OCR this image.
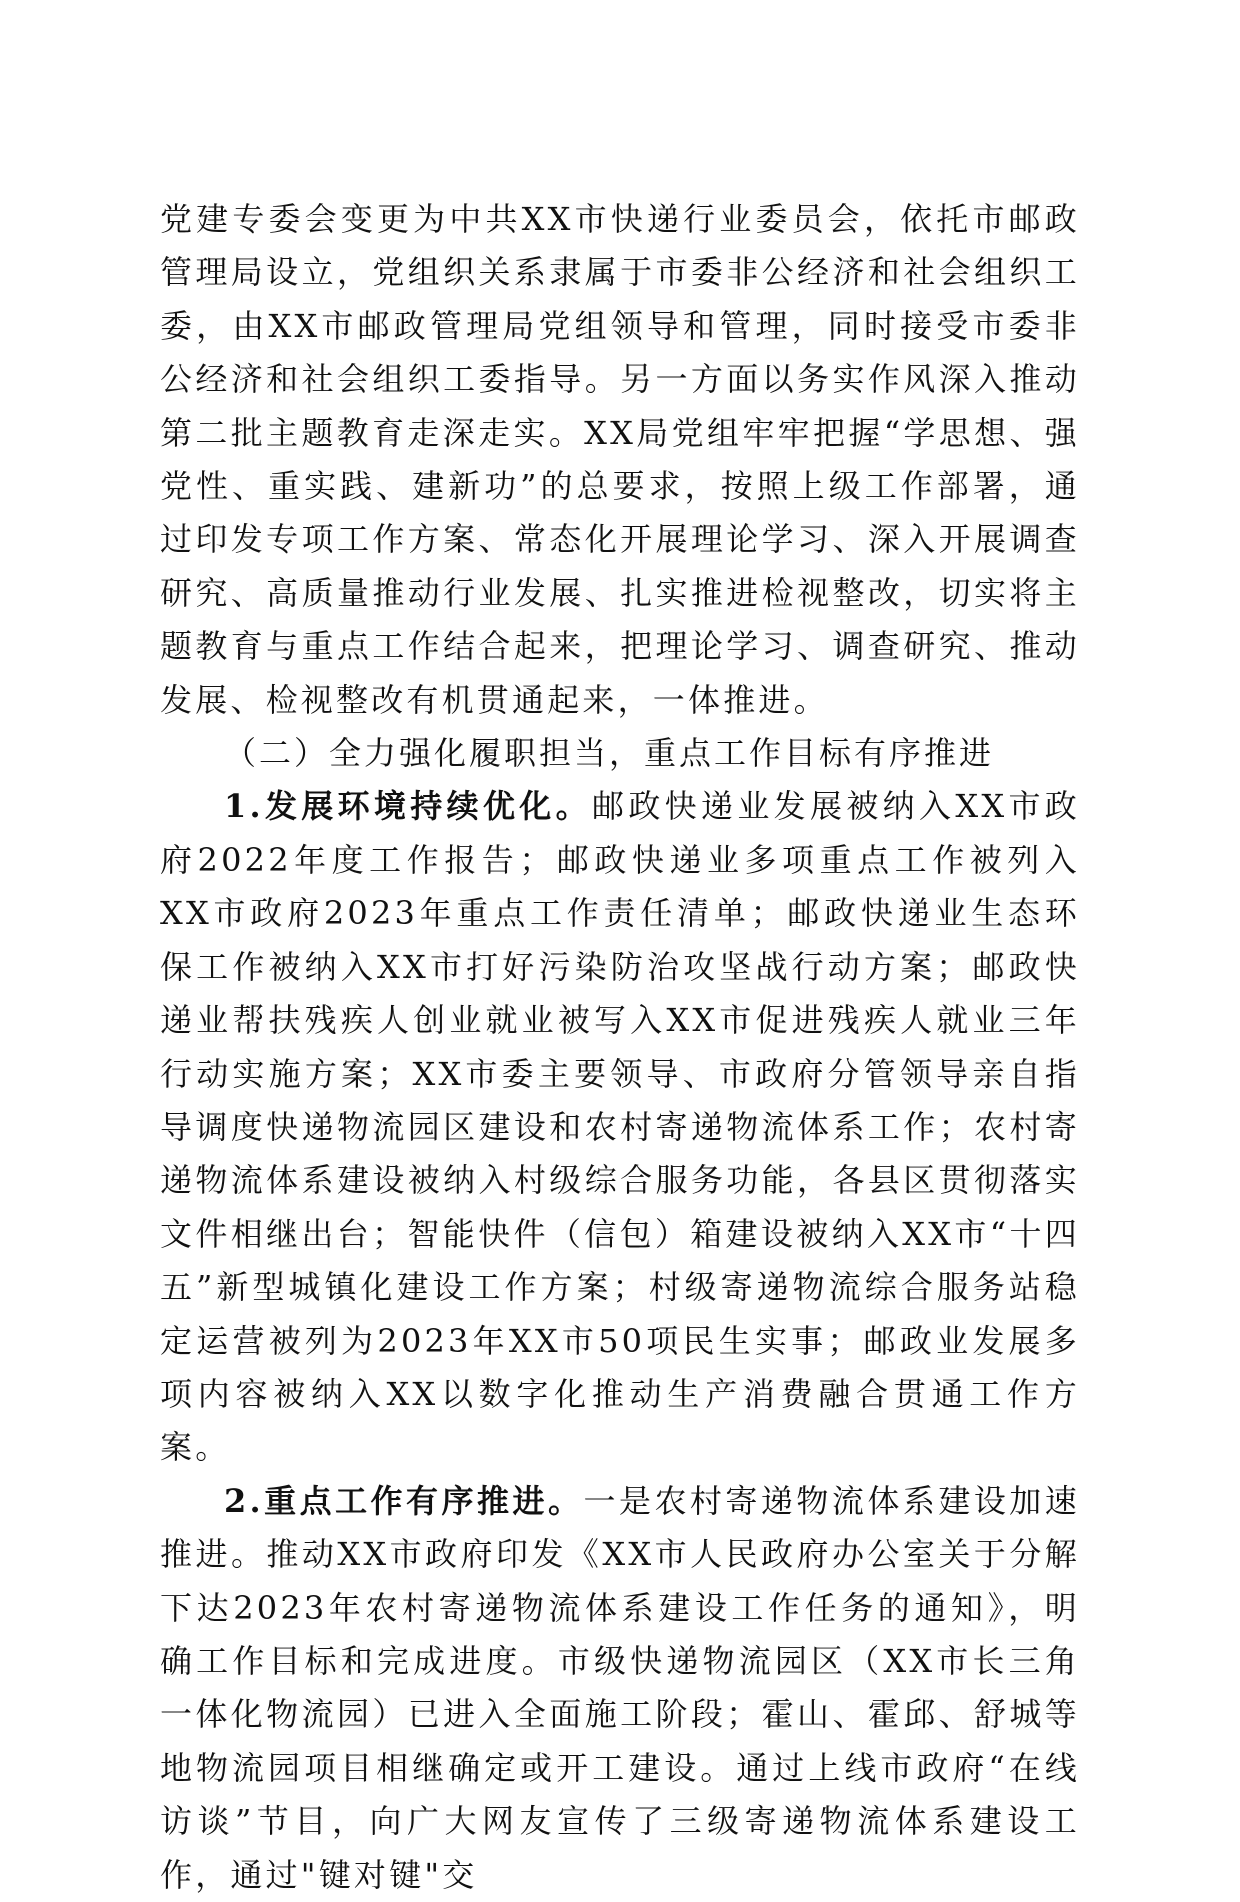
党建专委会变更为中共XX市快递行业委员会，依托市邮政管理局设立，党组织关系隶属于市委非公经济和社会组织工委，由XX市邮政管理局党组领导和管理，同时接受市委非公经济和社会组织工委指导。另一方面以务实作风深入推动第二批主题教育走深走实。XX局党组牢牢把握“学思想、强党性、重实践、建新功”的总要求，按照上级工作部署，通过印发专项工作方案、常态化开展理论学习、深入开展调查研究、高质量推动行业发展、扎实推进检视整改，切实将主题教育与重点工作结合起来，把理论学习、调查研究、推动发展、检视整改有机贯通起来，一体推进。

（二）全力强化履职担当，重点工作目标有序推进

1.发展环境持续优化。邮政快递业发展被纳入XX市政府2022年度工作报告；邮政快递业多项重点工作被列入XX市政府2023年重点工作责任清单；邮政快递业生态环保工作被纳入XX市打好污染防治攻坚战行动方案；邮政快递业帮扶残疾人创业就业被写入XX市促进残疾人就业三年行动实施方案；XX市委主要领导、市政府分管领导亲自指导调度快递物流园区建设和农村寄递物流体系工作；农村寄递物流体系建设被纳入村级综合服务功能，各县区贯彻落实文件相继出台；智能快件（信包）箱建设被纳入XX市“十四五”新型城镇化建设工作方案；村级寄递物流综合服务站稳定运营被列为2023年XX市50项民生实事；邮政业发展多项内容被纳入XX以数字化推动生产消费融合贯通工作方案。

2.重点工作有序推进。一是农村寄递物流体系建设加速推进。推动XX市政府印发《XX市人民政府办公室关于分解下达2023年农村寄递物流体系建设工作任务的通知》，明确工作目标和完成进度。市级快递物流园区（XX市长三角一体化物流园）已进入全面施工阶段；霍山、霍邱、舒城等地物流园项目相继确定或开工建设。通过上线市政府“在线访谈”节目，向广大网友宣传了三级寄递物流体系建设工作，通过"键对键"交
